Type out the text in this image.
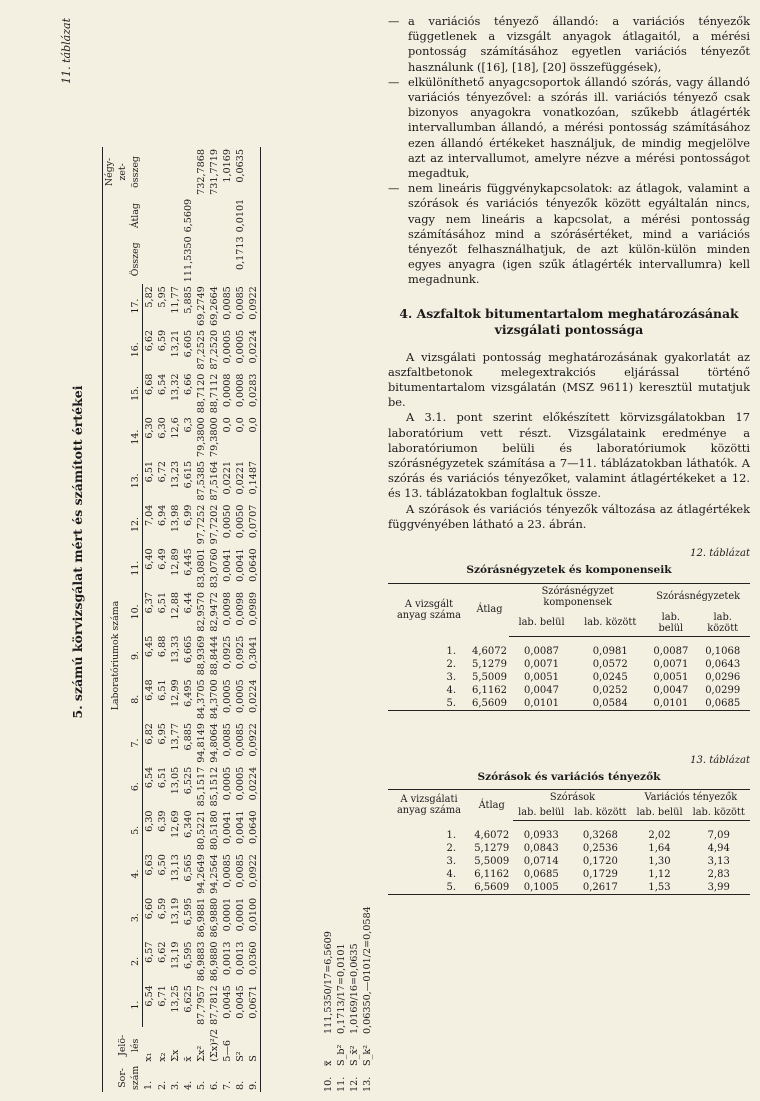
11. táblázat
5. számú körvizsgálat mért és számított értékei
Sor- szám	Jelö- lés	Laboratóriumok száma																	Összeg	Átlag	Négy- zet- összeg
		1.	2.	3.	4.	5.	6.	7.	8.	9.	10.	11.	12.	13.	14.	15.	16.	17.			
1.	x₁	6,54	6,57	6,60	6,63	6,30	6,54	6,82	6,48	6,45	6,37	6,40	7,04	6,51	6,30	6,68	6,62	5,82			
2.	x₂	6,71	6,62	6,59	6,50	6,39	6,51	6,95	6,51	6,88	6,51	6,49	6,94	6,72	6,30	6,54	6,59	5,95			
3.	Σx	13,25	13,19	13,19	13,13	12,69	13,05	13,77	12,99	13,33	12,88	12,89	13,98	13,23	12,6	13,32	13,21	11,77			
4.	x̄	6,625	6,595	6,595	6,565	6,340	6,525	6,885	6,495	6,665	6,44	6,445	6,99	6,615	6,3	6,66	6,605	5,885	111,5350	6,5609	
5.	Σx²	87,7957	86,9883	86,9881	94,2649	80,5221	85,1517	94,8149	84,3705	88,9369	82,9570	83,0801	97,7252	87,5385	79,3800	88,7120	87,2525	69,2749			732,7868
6.	(Σx)²/2	87,7812	86,9880	86,9880	94,2564	80,5180	85,1512	94,8064	84,3700	88,8444	82,9472	83,0760	97,7202	87,5164	79,3800	88,7112	87,2520	69,2664			731,7719
7.	5—6	0,0045	0,0013	0,0001	0,0085	0,0041	0,0005	0,0085	0,0005	0,0925	0,0098	0,0041	0,0050	0,0221	0,0	0,0008	0,0005	0,0085			1,0169
8.	S²	0,0045	0,0013	0,0001	0,0085	0,0041	0,0005	0,0085	0,0005	0,0925	0,0098	0,0041	0,0050	0,0221	0,0	0,0008	0,0005	0,0085	0,1713	0,0101	0,0635
9.	S	0,0671	0,0360	0,0100	0,0922	0,0640	0,0224	0,0922	0,0224	0,3041	0,0989	0,0640	0,0707	0,1487	0,0	0,0283	0,0224	0,0922			
10.x̿111,5350/17=6,5609
11.S_b²0,1713/17=0,0101
12.S_x̄²1,0169/16=0,0635
13.S_k²0,06350,—0101/2=0,0584

— a variációs tényező állandó: a variációs tényezők függetlenek a vizsgált anyagok átlagaitól, a mérési pontosság számításához egyetlen variációs tényezőt használunk ([16], [18], [20] összefüggések),

— elkülöníthető anyagcsoportok állandó szórás, vagy állandó variációs tényezővel: a szórás ill. variációs tényező csak bizonyos anyagokra vonatkozóan, szűkebb átlagérték intervallumban állandó, a mérési pontosság számításához ezen állandó értékeket használjuk, de mindig megjelölve azt az intervallumot, amelyre nézve a mérési pontosságot megadtuk,

— nem lineáris függvénykapcsolatok: az átlagok, valamint a szórások és variációs tényezők között egyáltalán nincs, vagy nem lineáris a kapcsolat, a mérési pontosság számításához mind a szórásértéket, mind a variációs tényezőt felhasználhatjuk, de azt külön-külön minden egyes anyagra (igen szűk átlagérték intervallumra) kell megadnunk.

4. Aszfaltok bitumentartalom meghatározásának vizsgálati pontossága

A vizsgálati pontosság meghatározásának gyakorlatát az aszfaltbetonok melegextrakciós eljárással történő bitumentartalom vizsgálatán (MSZ 9611) keresztül mutatjuk be.

A 3.1. pont szerint előkészített körvizsgálatokban 17 laboratórium vett részt. Vizsgálataink eredménye a laboratóriumon belüli és laboratóriumok közötti szórásnégyzetek számítása a 7—11. táblázatokban láthatók. A szórás és variációs tényezőket, valamint átlagértékeket a 12. és 13. táblázatokban foglaltuk össze.

A szórások és variációs tényezők változása az átlagértékek függvényében látható a 23. ábrán.

12. táblázat
Szórásnégyzetek és komponenseik
A vizsgált anyag száma	Átlag	Szórásnégyzet komponensek		Szórásnégyzetek	
		lab. belül	lab. között	lab. belül	lab. között

1.	4,6072	0,0087	0,0981	0,0087	0,1068
2.	5,1279	0,0071	0,0572	0,0071	0,0643
3.	5,5009	0,0051	0,0245	0,0051	0,0296
4.	6,1162	0,0047	0,0252	0,0047	0,0299
5.	6,5609	0,0101	0,0584	0,0101	0,0685
13. táblázat
Szórások és variációs tényezők
A vizsgálati anyag száma	Átlag	Szórások		Variációs tényezők	
		lab. belül	lab. között	lab. belül	lab. között

1.	4,6072	0,0933	0,3268	2,02	7,09
2.	5,1279	0,0843	0,2536	1,64	4,94
3.	5,5009	0,0714	0,1720	1,30	3,13
4.	6,1162	0,0685	0,1729	1,12	2,83
5.	6,5609	0,1005	0,2617	1,53	3,99
